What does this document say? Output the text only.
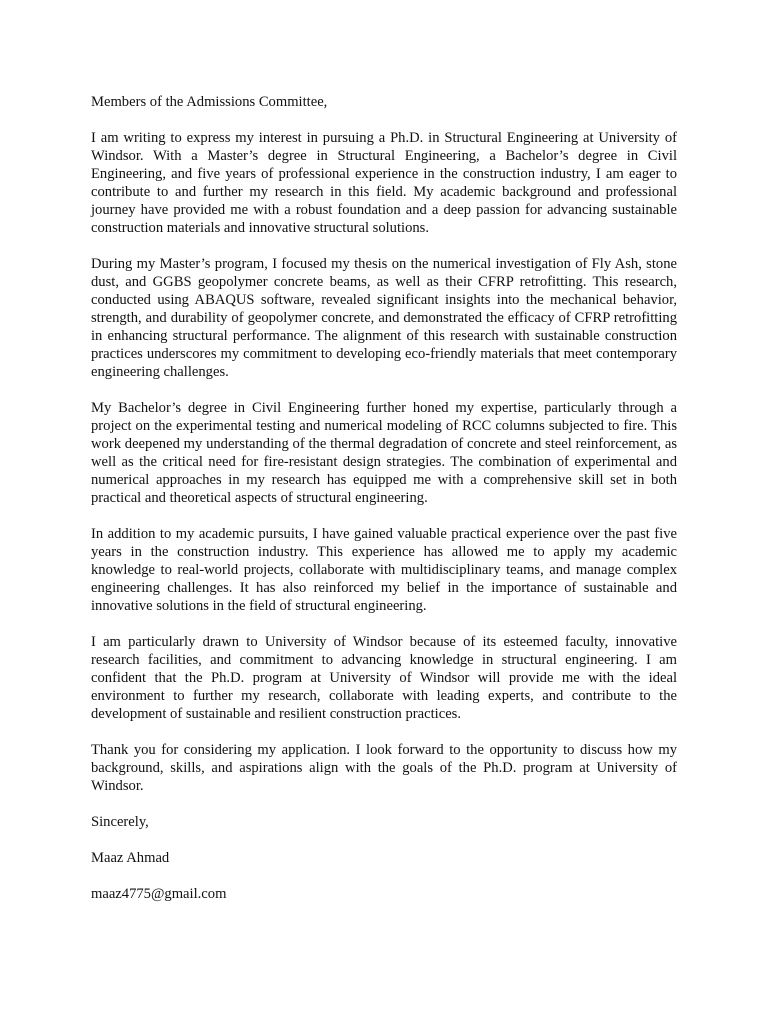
Members of the Admissions Committee,

I am writing to express my interest in pursuing a Ph.D. in Structural Engineering at University of Windsor. With a Master’s degree in Structural Engineering, a Bachelor’s degree in Civil Engineering, and five years of professional experience in the construction industry, I am eager to contribute to and further my research in this field. My academic background and professional journey have provided me with a robust foundation and a deep passion for advancing sustainable construction materials and innovative structural solutions.

During my Master’s program, I focused my thesis on the numerical investigation of Fly Ash, stone dust, and GGBS geopolymer concrete beams, as well as their CFRP retrofitting. This research, conducted using ABAQUS software, revealed significant insights into the mechanical behavior, strength, and durability of geopolymer concrete, and demonstrated the efficacy of CFRP retrofitting in enhancing structural performance. The alignment of this research with sustainable construction practices underscores my commitment to developing eco-friendly materials that meet contemporary engineering challenges.

My Bachelor’s degree in Civil Engineering further honed my expertise, particularly through a project on the experimental testing and numerical modeling of RCC columns subjected to fire. This work deepened my understanding of the thermal degradation of concrete and steel reinforcement, as well as the critical need for fire-resistant design strategies. The combination of experimental and numerical approaches in my research has equipped me with a comprehensive skill set in both practical and theoretical aspects of structural engineering.

In addition to my academic pursuits, I have gained valuable practical experience over the past five years in the construction industry. This experience has allowed me to apply my academic knowledge to real-world projects, collaborate with multidisciplinary teams, and manage complex engineering challenges. It has also reinforced my belief in the importance of sustainable and innovative solutions in the field of structural engineering.

I am particularly drawn to University of Windsor because of its esteemed faculty, innovative research facilities, and commitment to advancing knowledge in structural engineering. I am confident that the Ph.D. program at University of Windsor will provide me with the ideal environment to further my research, collaborate with leading experts, and contribute to the development of sustainable and resilient construction practices.

Thank you for considering my application. I look forward to the opportunity to discuss how my background, skills, and aspirations align with the goals of the Ph.D. program at University of Windsor.

Sincerely,

Maaz Ahmad

maaz4775@gmail.com
